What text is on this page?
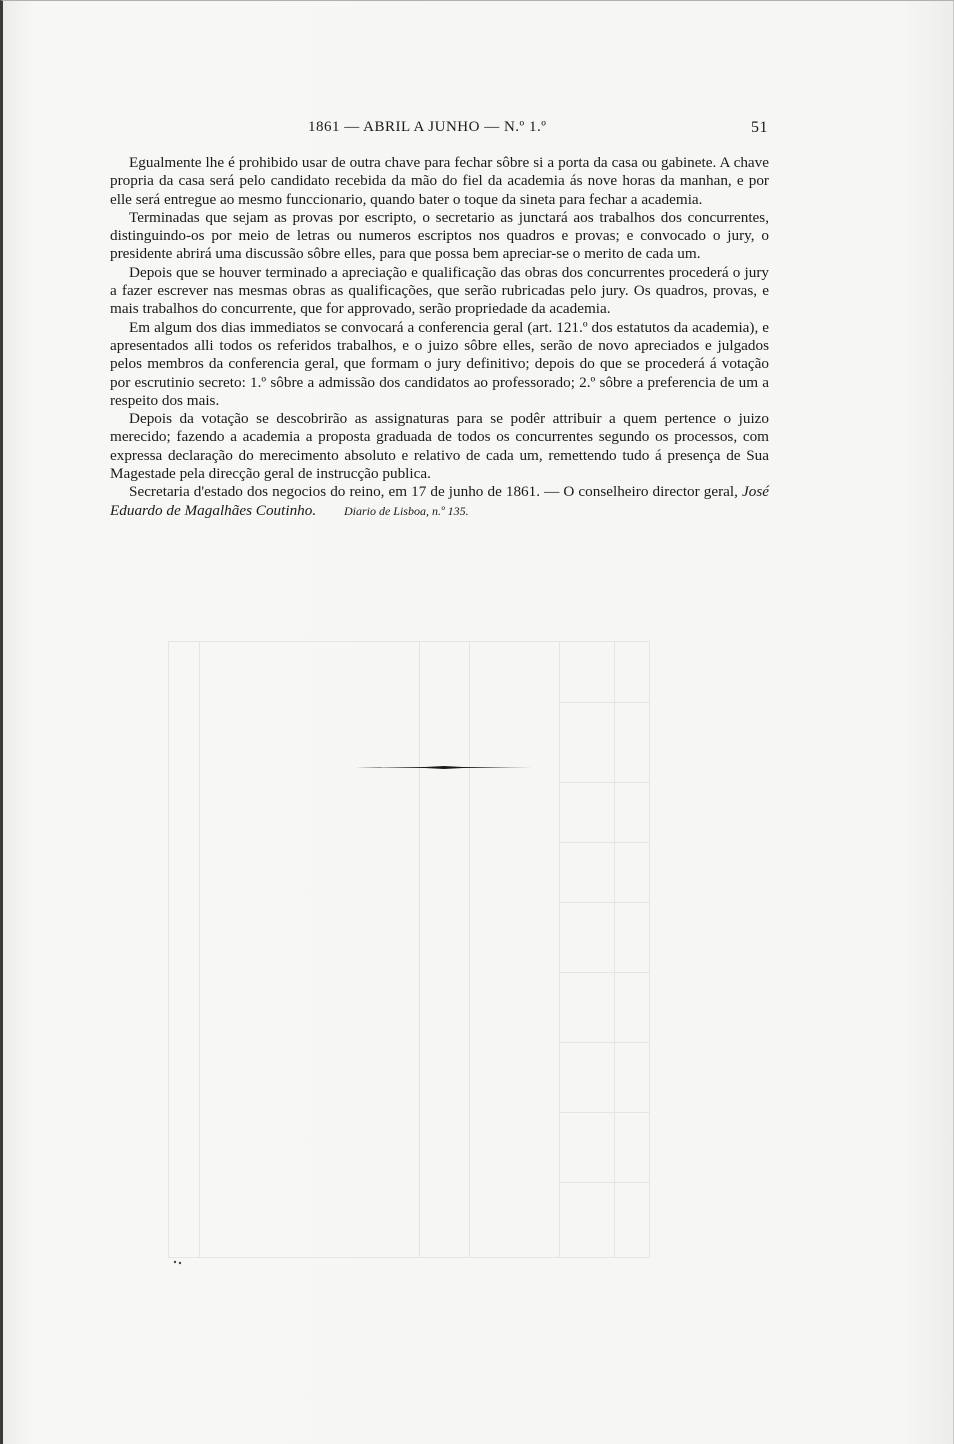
1861 — ABRIL A JUNHO — N.º 1.º	51

Egualmente lhe é prohibido usar de outra chave para fechar sôbre si a porta da casa ou gabinete. A chave propria da casa será pelo candidato recebida da mão do fiel da academia ás nove horas da manhan, e por elle será entregue ao mesmo funccionario, quando bater o toque da sineta para fechar a academia.

Terminadas que sejam as provas por escripto, o secretario as junctará aos trabalhos dos concurrentes, distinguindo-os por meio de letras ou numeros escriptos nos quadros e provas; e convocado o jury, o presidente abrirá uma discussão sôbre elles, para que possa bem apreciar-se o merito de cada um.

Depois que se houver terminado a apreciação e qualificação das obras dos concurrentes procederá o jury a fazer escrever nas mesmas obras as qualificações, que serão rubricadas pelo jury. Os quadros, provas, e mais trabalhos do concurrente, que for approvado, serão propriedade da academia.

Em algum dos dias immediatos se convocará a conferencia geral (art. 121.º dos estatutos da academia), e apresentados alli todos os referidos trabalhos, e o juizo sôbre elles, serão de novo apreciados e julgados pelos membros da conferencia geral, que formam o jury definitivo; depois do que se procederá á votação por escrutinio secreto: 1.º sôbre a admissão dos candidatos ao professorado; 2.º sôbre a preferencia de um a respeito dos mais.

Depois da votação se descobrirão as assignaturas para se podêr attribuir a quem pertence o juizo merecido; fazendo a academia a proposta graduada de todos os concurrentes segundo os processos, com expressa declaração do merecimento absoluto e relativo de cada um, remettendo tudo á presença de Sua Magestade pela direcção geral de instrucção publica.

Secretaria d'estado dos negocios do reino, em 17 de junho de 1861. — O conselheiro director geral, José Eduardo de Magalhães Coutinho. Diario de Lisboa, n.º 135.
